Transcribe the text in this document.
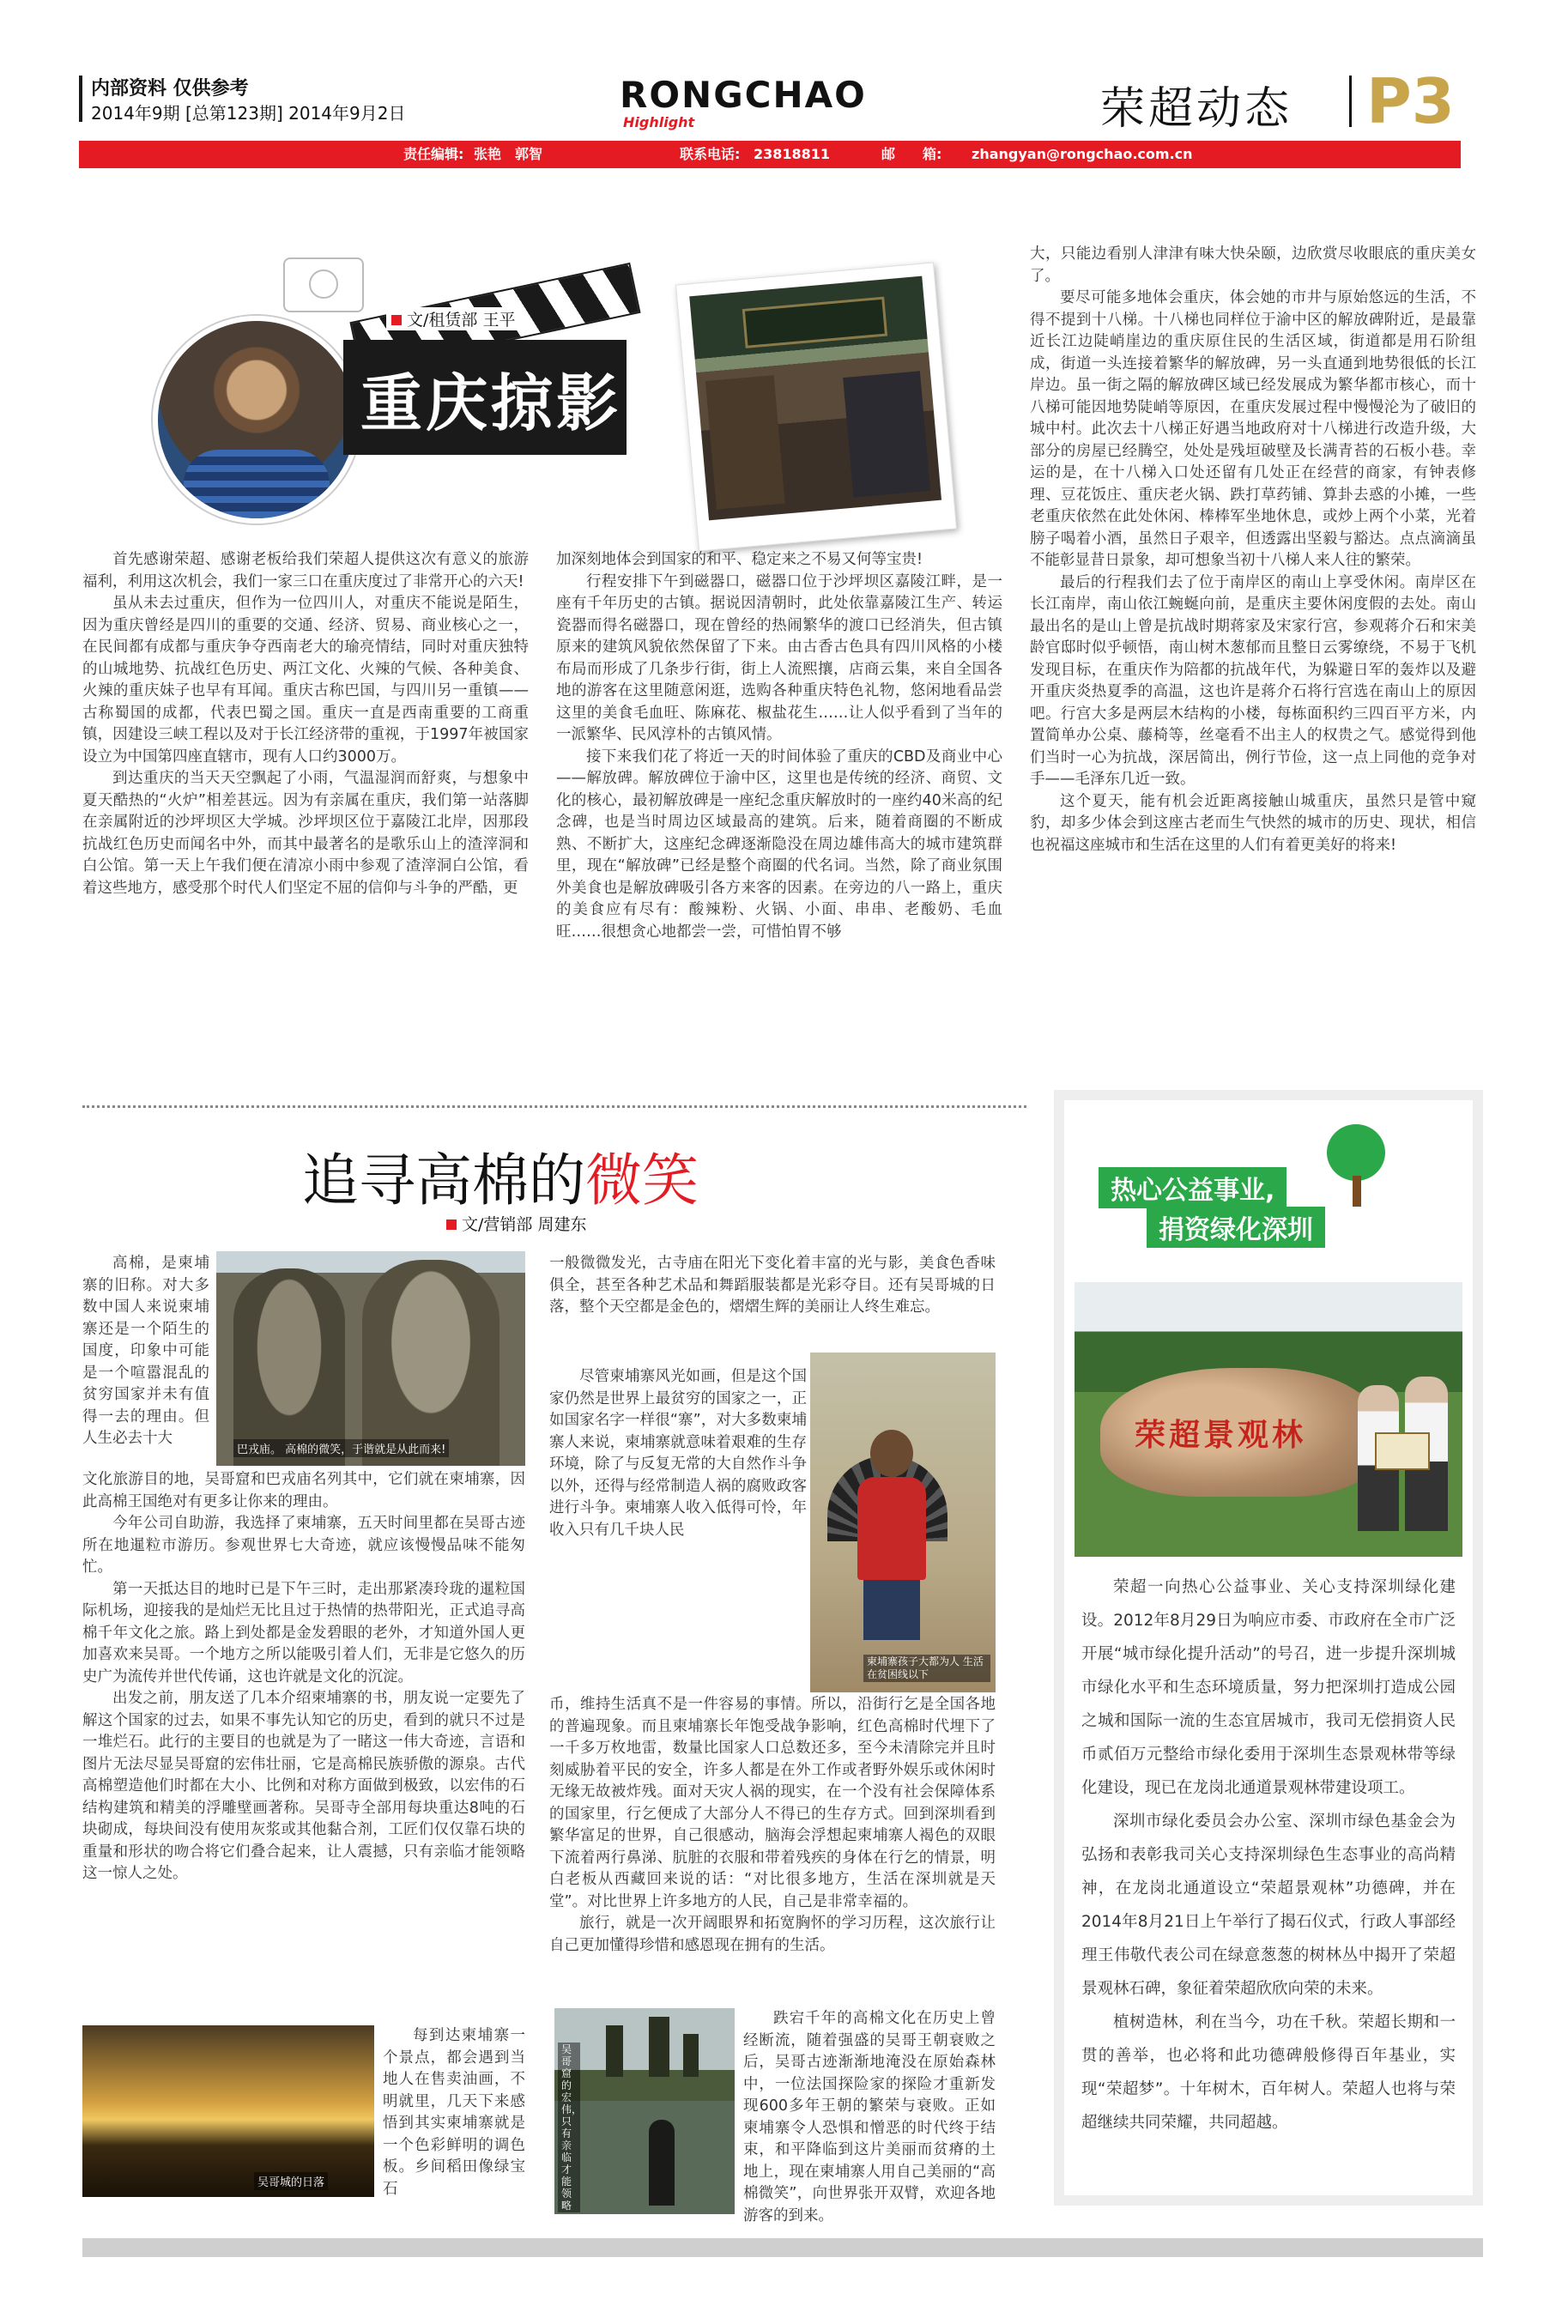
内部资料 仅供参考
2014年9期 [总第123期] 2014年9月2日	RONGCHAO
Highlight	荣超动态 P3
责任编辑: 张艳　郭智	联系电话: 23818811	邮　　箱: zhangyan@rongchao.com.cn
文/租赁部 王平
重庆掠影

首先感谢荣超、感谢老板给我们荣超人提供这次有意义的旅游福利，利用这次机会，我们一家三口在重庆度过了非常开心的六天!

虽从未去过重庆，但作为一位四川人，对重庆不能说是陌生，因为重庆曾经是四川的重要的交通、经济、贸易、商业核心之一，在民间都有成都与重庆争夺西南老大的瑜亮情结，同时对重庆独特的山城地势、抗战红色历史、两江文化、火辣的气候、各种美食、火辣的重庆妹子也早有耳闻。重庆古称巴国，与四川另一重镇——古称蜀国的成都，代表巴蜀之国。重庆一直是西南重要的工商重镇，因建设三峡工程以及对于长江经济带的重视，于1997年被国家设立为中国第四座直辖市，现有人口约3000万。

到达重庆的当天天空飘起了小雨，气温湿润而舒爽，与想象中夏天酷热的“火炉”相差甚远。因为有亲属在重庆，我们第一站落脚在亲属附近的沙坪坝区大学城。沙坪坝区位于嘉陵江北岸，因那段抗战红色历史而闻名中外，而其中最著名的是歌乐山上的渣滓洞和白公馆。第一天上午我们便在清凉小雨中参观了渣滓洞白公馆，看着这些地方，感受那个时代人们坚定不屈的信仰与斗争的严酷，更

加深刻地体会到国家的和平、稳定来之不易又何等宝贵!

行程安排下午到磁器口，磁器口位于沙坪坝区嘉陵江畔，是一座有千年历史的古镇。据说因清朝时，此处依靠嘉陵江生产、转运瓷器而得名磁器口，现在曾经的热闹繁华的渡口已经消失，但古镇原来的建筑风貌依然保留了下来。由古香古色具有四川风格的小楼布局而形成了几条步行街，街上人流熙攘，店商云集，来自全国各地的游客在这里随意闲逛，选购各种重庆特色礼物，悠闲地看品尝这里的美食毛血旺、陈麻花、椒盐花生……让人似乎看到了当年的一派繁华、民风淳朴的古镇风情。

接下来我们花了将近一天的时间体验了重庆的CBD及商业中心——解放碑。解放碑位于渝中区，这里也是传统的经济、商贸、文化的核心，最初解放碑是一座纪念重庆解放时的一座约40米高的纪念碑，也是当时周边区域最高的建筑。后来，随着商圈的不断成熟、不断扩大，这座纪念碑逐渐隐没在周边雄伟高大的城市建筑群里，现在“解放碑”已经是整个商圈的代名词。当然，除了商业氛围外美食也是解放碑吸引各方来客的因素。在旁边的八一路上，重庆的美食应有尽有：酸辣粉、火锅、小面、串串、老酸奶、毛血旺……很想贪心地都尝一尝，可惜怕胃不够

大，只能边看别人津津有味大快朵颐，边欣赏尽收眼底的重庆美女了。

要尽可能多地体会重庆，体会她的市井与原始悠远的生活，不得不提到十八梯。十八梯也同样位于渝中区的解放碑附近，是最靠近长江边陡峭崖边的重庆原住民的生活区域，街道都是用石阶组成，街道一头连接着繁华的解放碑，另一头直通到地势很低的长江岸边。虽一街之隔的解放碑区域已经发展成为繁华都市核心，而十八梯可能因地势陡峭等原因，在重庆发展过程中慢慢沦为了破旧的城中村。此次去十八梯正好遇当地政府对十八梯进行改造升级，大部分的房屋已经腾空，处处是残垣破壁及长满青苔的石板小巷。幸运的是，在十八梯入口处还留有几处正在经营的商家，有钟表修理、豆花饭庄、重庆老火锅、跌打草药铺、算卦去惑的小摊，一些老重庆依然在此处休闲、棒棒军坐地休息，或炒上两个小菜，光着膀子喝着小酒，虽然日子艰辛，但透露出坚毅与豁达。点点滴滴虽不能彰显昔日景象，却可想象当初十八梯人来人往的繁荣。

最后的行程我们去了位于南岸区的南山上享受休闲。南岸区在长江南岸，南山依江蜿蜒向前，是重庆主要休闲度假的去处。南山最出名的是山上曾是抗战时期蒋家及宋家行宫，参观蒋介石和宋美龄官邸时似乎顿悟，南山树木葱郁而且整日云雾缭绕，不易于飞机发现目标，在重庆作为陪都的抗战年代，为躲避日军的轰炸以及避开重庆炎热夏季的高温，这也许是蒋介石将行宫选在南山上的原因吧。行宫大多是两层木结构的小楼，每栋面积约三四百平方米，内置简单办公桌、藤椅等，丝毫看不出主人的权贵之气。感觉得到他们当时一心为抗战，深居简出，例行节俭，这一点上同他的竞争对手——毛泽东几近一致。

这个夏天，能有机会近距离接触山城重庆，虽然只是管中窥豹，却多少体会到这座古老而生气快然的城市的历史、现状，相信也祝福这座城市和生活在这里的人们有着更美好的将来!

追寻高棉的微笑
文/营销部 周建东
巴戎庙。 高棉的微笑，于谐就是从此而来!

高棉，是柬埔寨的旧称。对大多数中国人来说柬埔寨还是一个陌生的国度，印象中可能是一个喧嚣混乱的贫穷国家并未有值得一去的理由。但人生必去十大

文化旅游目的地，吴哥窟和巴戎庙名列其中，它们就在柬埔寨，因此高棉王国绝对有更多让你来的理由。

今年公司自助游，我选择了柬埔寨，五天时间里都在吴哥古迹所在地暹粒市游历。参观世界七大奇迹，就应该慢慢品味不能匆忙。

第一天抵达目的地时已是下午三时，走出那紧凑玲珑的暹粒国际机场，迎接我的是灿烂无比且过于热情的热带阳光，正式追寻高棉千年文化之旅。路上到处都是金发碧眼的老外，才知道外国人更加喜欢来吴哥。一个地方之所以能吸引着人们，无非是它悠久的历史广为流传并世代传诵，这也许就是文化的沉淀。

出发之前，朋友送了几本介绍柬埔寨的书，朋友说一定要先了解这个国家的过去，如果不事先认知它的历史，看到的就只不过是一堆烂石。此行的主要目的也就是为了一睹这一伟大奇迹，言语和图片无法尽显吴哥窟的宏伟壮丽，它是高棉民族骄傲的源泉。古代高棉塑造他们时都在大小、比例和对称方面做到极致，以宏伟的石结构建筑和精美的浮雕壁画著称。吴哥寺全部用每块重达8吨的石块砌成，每块间没有使用灰浆或其他黏合剂，工匠们仅仅靠石块的重量和形状的吻合将它们叠合起来，让人震撼，只有亲临才能领略这一惊人之处。

吴哥城的日落

每到达柬埔寨一个景点，都会遇到当地人在售卖油画，不明就里，几天下来感悟到其实柬埔寨就是一个色彩鲜明的调色板。乡间稻田像绿宝石

一般微微发光，古寺庙在阳光下变化着丰富的光与影，美食色香味俱全，甚至各种艺术品和舞蹈服装都是光彩夺目。还有吴哥城的日落，整个天空都是金色的，熠熠生辉的美丽让人终生难忘。

尽管柬埔寨风光如画，但是这个国家仍然是世界上最贫穷的国家之一，正如国家名字一样很“寨”，对大多数柬埔寨人来说，柬埔寨就意味着艰难的生存环境，除了与反复无常的大自然作斗争以外，还得与经常制造人祸的腐败政客进行斗争。柬埔寨人收入低得可怜，年收入只有几千块人民

柬埔寨孩子大都为人 生活在贫困线以下

币，维持生活真不是一件容易的事情。所以，沿街行乞是全国各地的普遍现象。而且柬埔寨长年饱受战争影响，红色高棉时代埋下了一千多万枚地雷，数量比国家人口总数还多，至今未清除完并且时刻威胁着平民的安全，许多人都是在外工作或者野外娱乐或休闲时无缘无故被炸残。面对天灾人祸的现实，在一个没有社会保障体系的国家里，行乞便成了大部分人不得已的生存方式。回到深圳看到繁华富足的世界，自己很感动，脑海会浮想起柬埔寨人褐色的双眼下流着两行鼻涕、肮脏的衣服和带着残疾的身体在行乞的情景，明白老板从西藏回来说的话：“对比很多地方，生活在深圳就是天堂”。对比世界上许多地方的人民，自己是非常幸福的。

旅行，就是一次开阔眼界和拓宽胸怀的学习历程，这次旅行让自己更加懂得珍惜和感恩现在拥有的生活。

吴哥窟的宏伟，只有亲临才能领略

跌宕千年的高棉文化在历史上曾经断流，随着强盛的吴哥王朝衰败之后，吴哥古迹渐渐地淹没在原始森林中，一位法国探险家的探险才重新发现600多年王朝的繁荣与衰败。正如柬埔寨令人恐惧和憎恶的时代终于结束，和平降临到这片美丽而贫瘠的土地上，现在柬埔寨人用自己美丽的“高棉微笑”，向世界张开双臂，欢迎各地游客的到来。

热心公益事业,
捐资绿化深圳
荣超景观林

荣超一向热心公益事业、关心支持深圳绿化建设。2012年8月29日为响应市委、市政府在全市广泛开展“城市绿化提升活动”的号召，进一步提升深圳城市绿化水平和生态环境质量，努力把深圳打造成公园之城和国际一流的生态宜居城市，我司无偿捐资人民币贰佰万元整给市绿化委用于深圳生态景观林带等绿化建设，现已在龙岗北通道景观林带建设项工。

深圳市绿化委员会办公室、深圳市绿色基金会为弘扬和表彰我司关心支持深圳绿色生态事业的高尚精神，在龙岗北通道设立“荣超景观林”功德碑，并在2014年8月21日上午举行了揭石仪式，行政人事部经理王伟敬代表公司在绿意葱葱的树林丛中揭开了荣超景观林石碑，象征着荣超欣欣向荣的未来。

植树造林，利在当今，功在千秋。荣超长期和一贯的善举，也必将和此功德碑般修得百年基业，实现“荣超梦”。十年树木，百年树人。荣超人也将与荣超继续共同荣耀，共同超越。
